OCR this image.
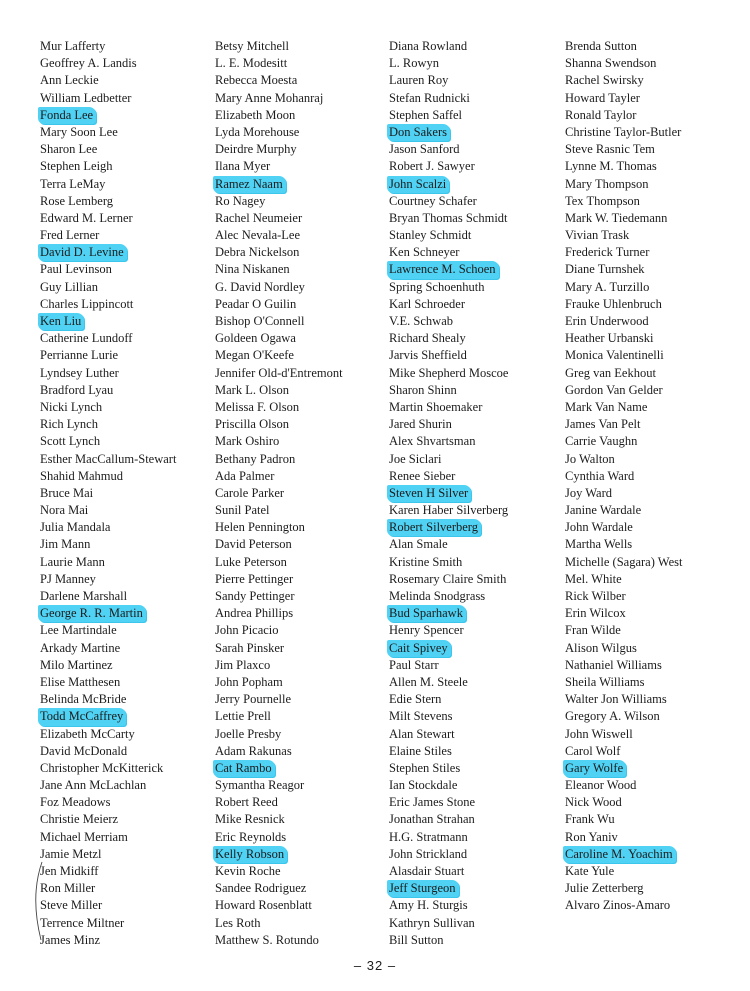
Mur Lafferty
Geoffrey A. Landis
Ann Leckie
William Ledbetter
Fonda Lee
Mary Soon Lee
Sharon Lee
Stephen Leigh
Terra LeMay
Rose Lemberg
Edward M. Lerner
Fred Lerner
David D. Levine
Paul Levinson
Guy Lillian
Charles Lippincott
Ken Liu
Catherine Lundoff
Perrianne Lurie
Lyndsey Luther
Bradford Lyau
Nicki Lynch
Rich Lynch
Scott Lynch
Esther MacCallum-Stewart
Shahid Mahmud
Bruce Mai
Nora Mai
Julia Mandala
Jim Mann
Laurie Mann
PJ Manney
Darlene Marshall
George R. R. Martin
Lee Martindale
Arkady Martine
Milo Martinez
Elise Matthesen
Belinda McBride
Todd McCaffrey
Elizabeth McCarty
David McDonald
Christopher McKitterick
Jane Ann McLachlan
Foz Meadows
Christie Meierz
Michael Merriam
Jamie Metzl
Jen Midkiff
Ron Miller
Steve Miller
Terrence Miltner
James Minz
Betsy Mitchell
L. E. Modesitt
Rebecca Moesta
Mary Anne Mohanraj
Elizabeth Moon
Lyda Morehouse
Deirdre Murphy
Ilana Myer
Ramez Naam
Ro Nagey
Rachel Neumeier
Alec Nevala-Lee
Debra Nickelson
Nina Niskanen
G. David Nordley
Peadar O Guilin
Bishop O'Connell
Goldeen Ogawa
Megan O'Keefe
Jennifer Old-d'Entremont
Mark L. Olson
Melissa F. Olson
Priscilla Olson
Mark Oshiro
Bethany Padron
Ada Palmer
Carole Parker
Sunil Patel
Helen Pennington
David Peterson
Luke Peterson
Pierre Pettinger
Sandy Pettinger
Andrea Phillips
John Picacio
Sarah Pinsker
Jim Plaxco
John Popham
Jerry Pournelle
Lettie Prell
Joelle Presby
Adam Rakunas
Cat Rambo
Symantha Reagor
Robert Reed
Mike Resnick
Eric Reynolds
Kelly Robson
Kevin Roche
Sandee Rodriguez
Howard Rosenblatt
Les Roth
Matthew S. Rotundo
Diana Rowland
L. Rowyn
Lauren Roy
Stefan Rudnicki
Stephen Saffel
Don Sakers
Jason Sanford
Robert J. Sawyer
John Scalzi
Courtney Schafer
Bryan Thomas Schmidt
Stanley Schmidt
Ken Schneyer
Lawrence M. Schoen
Spring Schoenhuth
Karl Schroeder
V.E. Schwab
Richard Shealy
Jarvis Sheffield
Mike Shepherd Moscoe
Sharon Shinn
Martin Shoemaker
Jared Shurin
Alex Shvartsman
Joe Siclari
Renee Sieber
Steven H Silver
Karen Haber Silverberg
Robert Silverberg
Alan Smale
Kristine Smith
Rosemary Claire Smith
Melinda Snodgrass
Bud Sparhawk
Henry Spencer
Cait Spivey
Paul Starr
Allen M. Steele
Edie Stern
Milt Stevens
Alan Stewart
Elaine Stiles
Stephen Stiles
Ian Stockdale
Eric James Stone
Jonathan Strahan
H.G. Stratmann
John Strickland
Alasdair Stuart
Jeff Sturgeon
Amy H. Sturgis
Kathryn Sullivan
Bill Sutton
Brenda Sutton
Shanna Swendson
Rachel Swirsky
Howard Tayler
Ronald Taylor
Christine Taylor-Butler
Steve Rasnic Tem
Lynne M. Thomas
Mary Thompson
Tex Thompson
Mark W. Tiedemann
Vivian Trask
Frederick Turner
Diane Turnshek
Mary A. Turzillo
Frauke Uhlenbruch
Erin Underwood
Heather Urbanski
Monica Valentinelli
Greg van Eekhout
Gordon Van Gelder
Mark Van Name
James Van Pelt
Carrie Vaughn
Jo Walton
Cynthia Ward
Joy Ward
Janine Wardale
John Wardale
Martha Wells
Michelle (Sagara) West
Mel. White
Rick Wilber
Erin Wilcox
Fran Wilde
Alison Wilgus
Nathaniel Williams
Sheila Williams
Walter Jon Williams
Gregory A. Wilson
John Wiswell
Carol Wolf
Gary Wolfe
Eleanor Wood
Nick Wood
Frank Wu
Ron Yaniv
Caroline M. Yoachim
Kate Yule
Julie Zetterberg
Alvaro Zinos-Amaro
– 32 –
